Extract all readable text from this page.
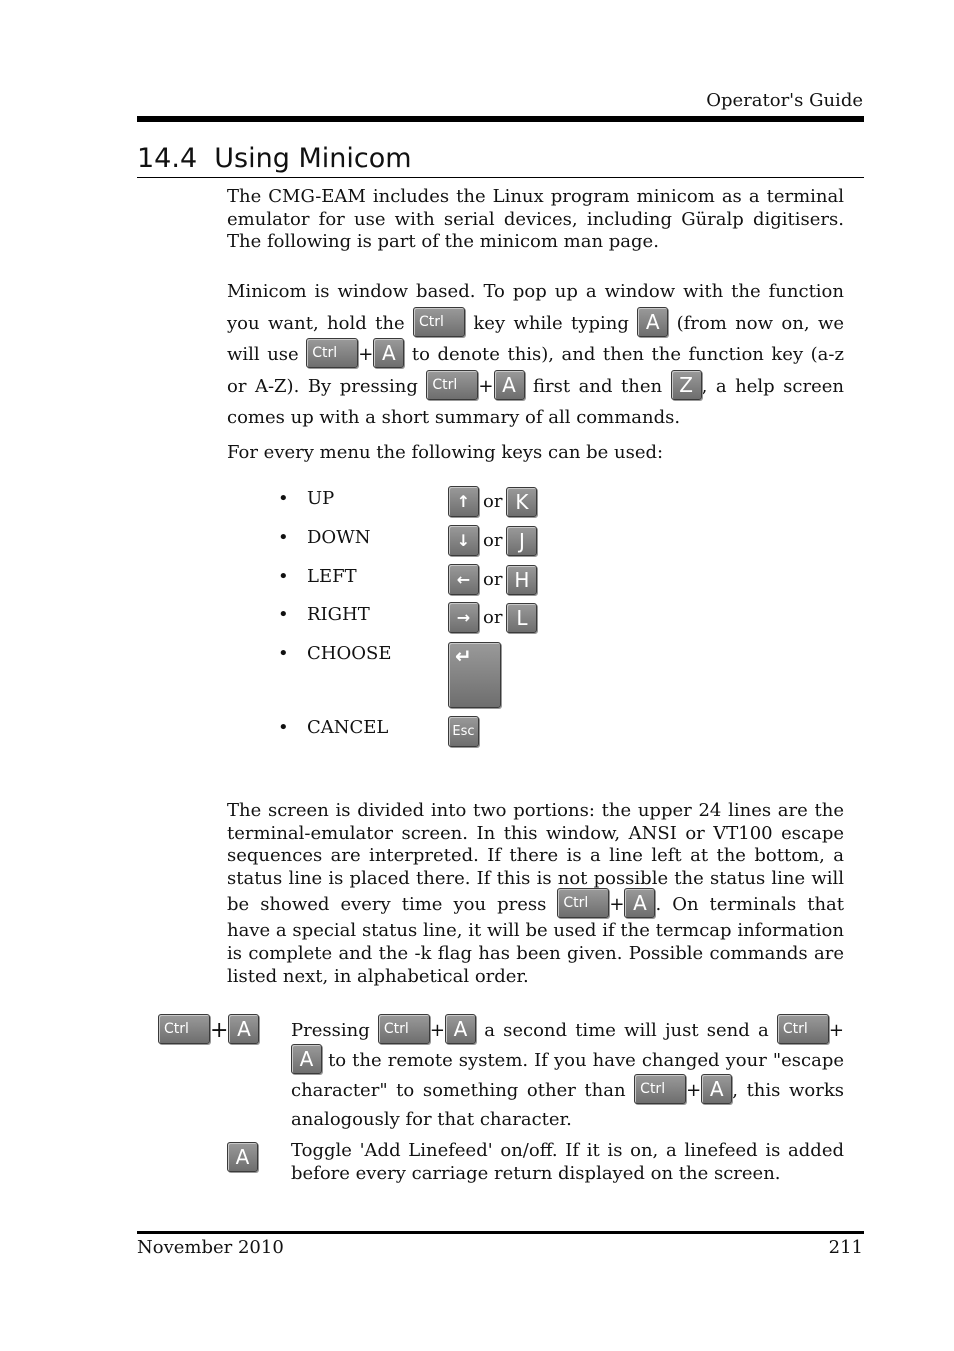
Operator's Guide
14.4 Using Minicom
The CMG-EAM includes the Linux program minicom as a terminal emulator for use with serial devices, including Güralp digitisers. The following is part of the minicom man page.
Minicom is window based. To pop up a window with the function you want, hold the Ctrl key while typing A (from now on, we will use Ctrl + A to denote this), and then the function key (a-z or A-Z). By pressing Ctrl + A first and then Z , a help screen comes up with a short summary of all commands.
For every menu the following keys can be used:
• UP	↑ or K
• DOWN	↓ or J
• LEFT	← or H
• RIGHT	→ or L
• CHOOSE	↵
• CANCEL	Esc
The screen is divided into two portions: the upper 24 lines are the terminal-emulator screen. In this window, ANSI or VT100 escape sequences are interpreted. If there is a line left at the bottom, a status line is placed there. If this is not possible the status line will be showed every time you press Ctrl + A . On terminals that have a special status line, it will be used if the termcap information is complete and the -k flag has been given. Possible commands are listed next, in alphabetical order.
Ctrl + A	Pressing Ctrl + A a second time will just send a Ctrl +A to the remote system. If you have changed your "escape character" to something other than Ctrl + A , this works analogously for that character.
A	Toggle 'Add Linefeed' on/off. If it is on, a linefeed is added before every carriage return displayed on the screen.
November 2010	211
